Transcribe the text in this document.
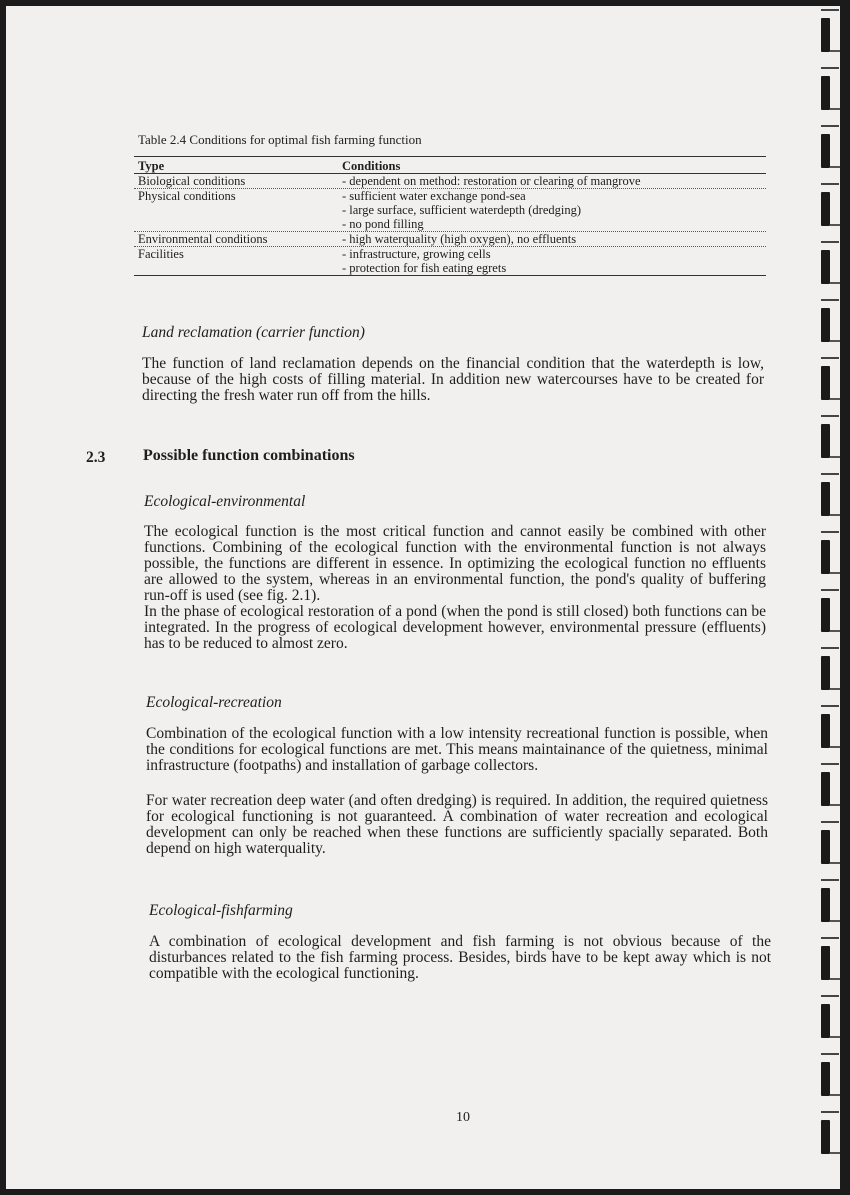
Table 2.4 Conditions for optimal fish farming function
Type	Conditions
Biological conditions	- dependent on method: restoration or clearing of mangrove
Physical conditions	- sufficient water exchange pond-sea
- large surface, sufficient waterdepth (dredging)
- no pond filling
Environmental conditions	- high waterquality (high oxygen), no effluents
Facilities	- infrastructure, growing cells
- protection for fish eating egrets
Land reclamation (carrier function)
The function of land reclamation depends on the financial condition that the waterdepth is low, because of the high costs of filling material. In addition new watercourses have to be created for directing the fresh water run off from the hills.
2.3 Possible function combinations
Ecological-environmental
The ecological function is the most critical function and cannot easily be combined with other functions. Combining of the ecological function with the environmental function is not always possible, the functions are different in essence. In optimizing the ecological function no effluents are allowed to the system, whereas in an environmental function, the pond's quality of buffering run-off is used (see fig. 2.1).
In the phase of ecological restoration of a pond (when the pond is still closed) both functions can be integrated. In the progress of ecological development however, environmental pressure (effluents) has to be reduced to almost zero.
Ecological-recreation
Combination of the ecological function with a low intensity recreational function is possible, when the conditions for ecological functions are met. This means maintainance of the quietness, minimal infrastructure (footpaths) and installation of garbage collectors.
For water recreation deep water (and often dredging) is required. In addition, the required quietness for ecological functioning is not guaranteed. A combination of water recreation and ecological development can only be reached when these functions are sufficiently spacially separated. Both depend on high waterquality.
Ecological-fishfarming
A combination of ecological development and fish farming is not obvious because of the disturbances related to the fish farming process. Besides, birds have to be kept away which is not compatible with the ecological functioning.
10
